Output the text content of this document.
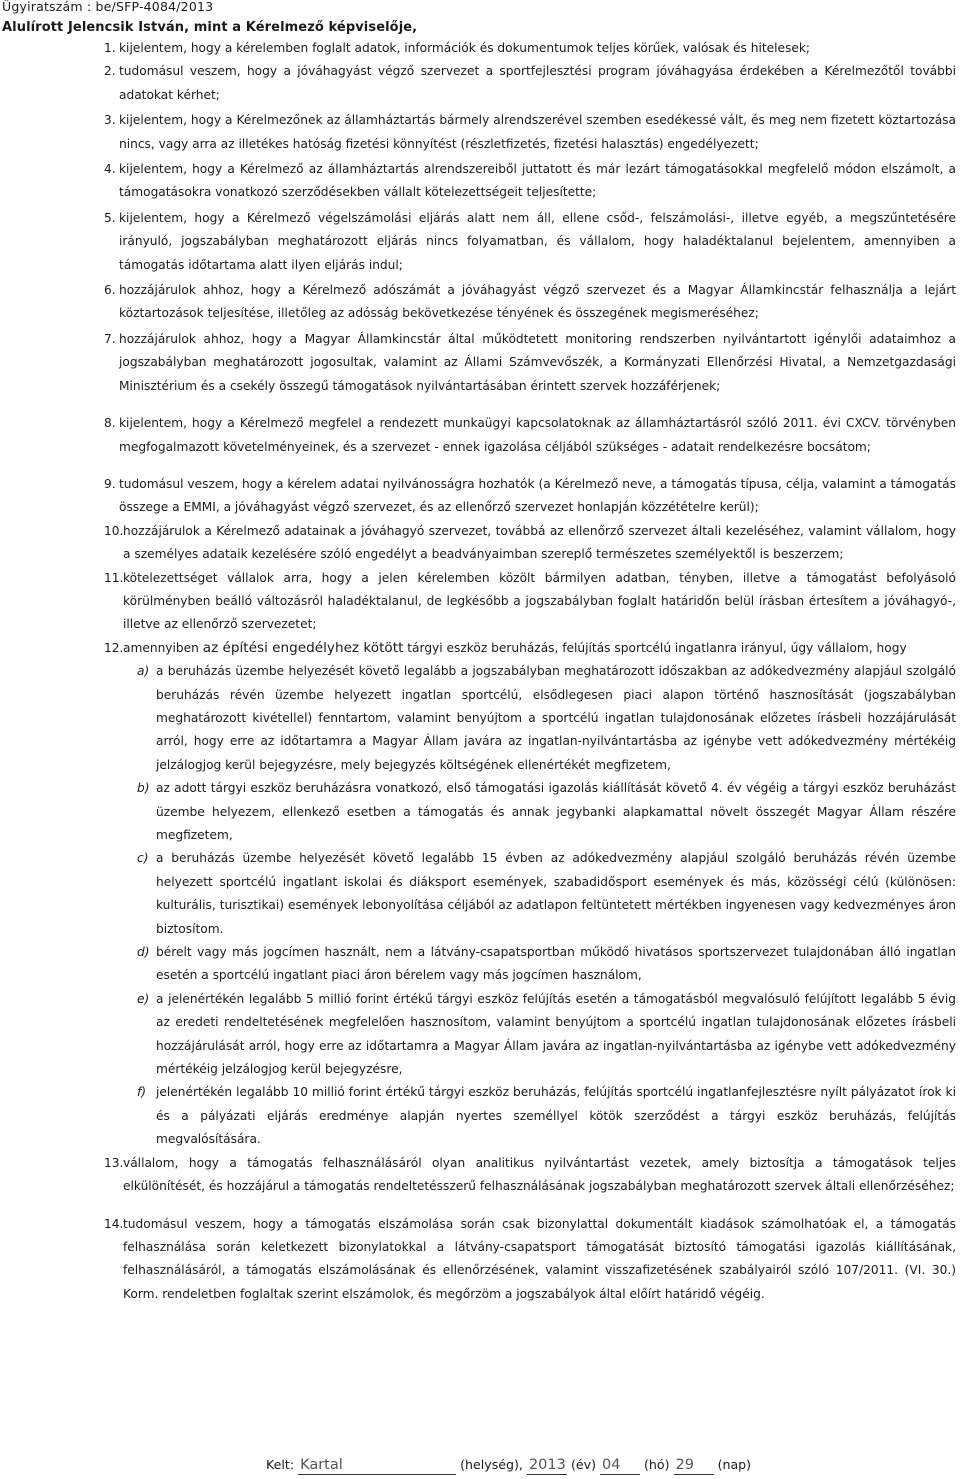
Ügyiratszám : be/SFP-4084/2013
Alulírott Jelencsik István, mint a Kérelmező képviselője,
1. kijelentem, hogy a kérelemben foglalt adatok, információk és dokumentumok teljes körűek, valósak és hitelesek;
2. tudomásul veszem, hogy a jóváhagyást végző szervezet a sportfejlesztési program jóváhagyása érdekében a Kérelmezőtől további adatokat kérhet;
3. kijelentem, hogy a Kérelmezőnek az államháztartás bármely alrendszerével szemben esedékessé vált, és meg nem fizetett köztartozása nincs, vagy arra az illetékes hatóság fizetési könnyítést (részletfizetés, fizetési halasztás) engedélyezett;
4. kijelentem, hogy a Kérelmező az államháztartás alrendszereiből juttatott és már lezárt támogatásokkal megfelelő módon elszámolt, a támogatásokra vonatkozó szerződésekben vállalt kötelezettségeit teljesítette;
5. kijelentem, hogy a Kérelmező végelszámolási eljárás alatt nem áll, ellene csőd-, felszámolási-, illetve egyéb, a megszűntetésére irányuló, jogszabályban meghatározott eljárás nincs folyamatban, és vállalom, hogy haladéktalanul bejelentem, amennyiben a támogatás időtartama alatt ilyen eljárás indul;
6. hozzájárulok ahhoz, hogy a Kérelmező adószámát a jóváhagyást végző szervezet és a Magyar Államkincstár felhasználja a lejárt köztartozások teljesítése, illetőleg az adósság bekövetkezése tényének és összegének megismeréséhez;
7. hozzájárulok ahhoz, hogy a Magyar Államkincstár által működtetett monitoring rendszerben nyilvántartott igénylői adataimhoz a jogszabályban meghatározott jogosultak, valamint az Állami Számvevőszék, a Kormányzati Ellenőrzési Hivatal, a Nemzetgazdasági Minisztérium és a csekély összegű támogatások nyilvántartásában érintett szervek hozzáférjenek;
8. kijelentem, hogy a Kérelmező megfelel a rendezett munkaügyi kapcsolatoknak az államháztartásról szóló 2011. évi CXCV. törvényben megfogalmazott követelményeinek, és a szervezet - ennek igazolása céljából szükséges - adatait rendelkezésre bocsátom;
9. tudomásul veszem, hogy a kérelem adatai nyilvánosságra hozhatók (a Kérelmező neve, a támogatás típusa, célja, valamint a támogatás összege a EMMI, a jóváhagyást végző szervezet, és az ellenőrző szervezet honlapján közzétételre kerül);
10. hozzájárulok a Kérelmező adatainak a jóváhagyó szervezet, továbbá az ellenőrző szervezet általi kezeléséhez, valamint vállalom, hogy a személyes adataik kezelésére szóló engedélyt a beadványaimban szereplő természetes személyektől is beszerzem;
11. kötelezettséget vállalok arra, hogy a jelen kérelemben közölt bármilyen adatban, tényben, illetve a támogatást befolyásoló körülményben beálló változásról haladéktalanul, de legkésőbb a jogszabályban foglalt határidőn belül írásban értesítem a jóváhagyó-, illetve az ellenőrző szervezetet;
12. amennyiben az építési engedélyhez kötött tárgyi eszköz beruházás, felújítás sportcélú ingatlanra irányul, úgy vállalom, hogy
a) a beruházás üzembe helyezését követő legalább a jogszabályban meghatározott időszakban az adókedvezmény alapjául szolgáló beruházás révén üzembe helyezett ingatlan sportcélú, elsődlegesen piaci alapon történő hasznosítását (jogszabályban meghatározott kivétellel) fenntartom, valamint benyújtom a sportcélú ingatlan tulajdonosának előzetes írásbeli hozzájárulását arról, hogy erre az időtartamra a Magyar Állam javára az ingatlan-nyilvántartásba az igénybe vett adókedvezmény mértékéig jelzálogjog kerül bejegyzésre, mely bejegyzés költségének ellenértékét megfizetem,
b) az adott tárgyi eszköz beruházásra vonatkozó, első támogatási igazolás kiállítását követő 4. év végéig a tárgyi eszköz beruházást üzembe helyezem, ellenkező esetben a támogatás és annak jegybanki alapkamattal növelt összegét Magyar Állam részére megfizetem,
c) a beruházás üzembe helyezését követő legalább 15 évben az adókedvezmény alapjául szolgáló beruházás révén üzembe helyezett sportcélú ingatlant iskolai és diáksport események, szabadidősport események és más, közösségi célú (különösen: kulturális, turisztikai) események lebonyolítása céljából az adatlapon feltüntetett mértékben ingyenesen vagy kedvezményes áron biztosítom.
d) bérelt vagy más jogcímen használt, nem a látvány-csapatsportban működő hivatásos sportszervezet tulajdonában álló ingatlan esetén a sportcélú ingatlant piaci áron bérelem vagy más jogcímen használom,
e) a jelenértékén legalább 5 millió forint értékű tárgyi eszköz felújítás esetén a támogatásból megvalósuló felújított legalább 5 évig az eredeti rendeltetésének megfelelően hasznosítom, valamint benyújtom a sportcélú ingatlan tulajdonosának előzetes írásbeli hozzájárulását arról, hogy erre az időtartamra a Magyar Állam javára az ingatlan-nyilvántartásba az igénybe vett adókedvezmény mértékéig jelzálogjog kerül bejegyzésre,
f) jelenértékén legalább 10 millió forint értékű tárgyi eszköz beruházás, felújítás sportcélú ingatlanfejlesztésre nyílt pályázatot írok ki és a pályázati eljárás eredménye alapján nyertes személlyel kötök szerződést a tárgyi eszköz beruházás, felújítás megvalósítására.
13. vállalom, hogy a támogatás felhasználásáról olyan analitikus nyilvántartást vezetek, amely biztosítja a támogatások teljes elkülönítését, és hozzájárul a támogatás rendeltetésszerű felhasználásának jogszabályban meghatározott szervek általi ellenőrzéséhez;
14. tudomásul veszem, hogy a támogatás elszámolása során csak bizonylattal dokumentált kiadások számolhatóak el, a támogatás felhasználása során keletkezett bizonylatokkal a látvány-csapatsport támogatását biztosító támogatási igazolás kiállításának, felhasználásáról, a támogatás elszámolásának és ellenőrzésének, valamint visszafizetésének szabályairól szóló 107/2011. (VI. 30.) Korm. rendeletben foglaltak szerint elszámolok, és megőrzöm a jogszabályok által előírt határidő végéig.
Kelt: Kartal	(helység), 2013 (év) 04 (hó) 29 (nap)
